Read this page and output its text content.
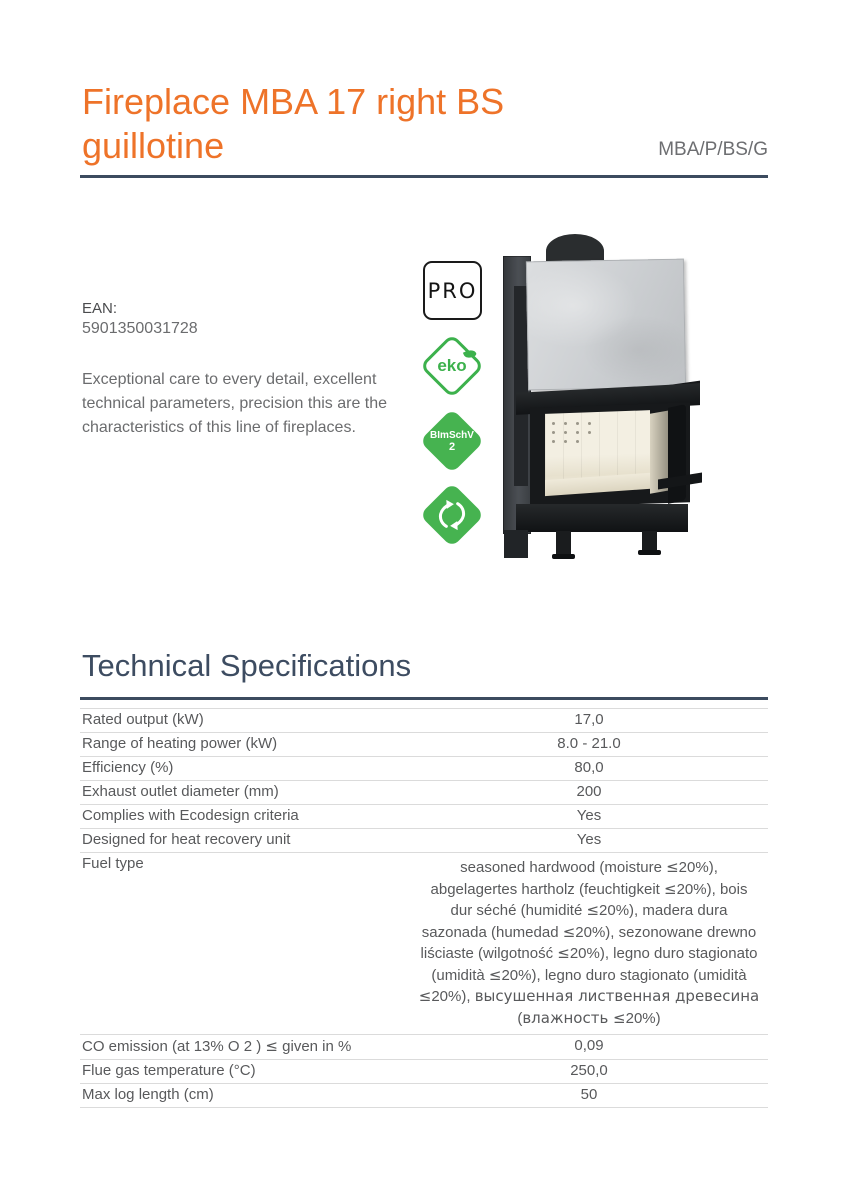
Fireplace MBA 17 right BS
guillotine	MBA/P/BS/G
EAN:
5901350031728
Exceptional care to every detail, excellent
technical parameters, precision this are the
characteristics of this line of fireplaces.
PRO
eko
BImSchV
2
Technical Specifications
Rated output (kW)	17,0
Range of heating power (kW)	8.0 - 21.0
Efficiency (%)	80,0
Exhaust outlet diameter (mm)	200
Complies with Ecodesign criteria	Yes
Designed for heat recovery unit	Yes
Fuel type	seasoned hardwood (moisture ≤20%),
abgelagertes hartholz (feuchtigkeit ≤20%), bois
dur séché (humidité ≤20%), madera dura
sazonada (humedad ≤20%), sezonowane drewno
liściaste (wilgotność ≤20%), legno duro stagionato
(umidità ≤20%), legno duro stagionato (umidità
≤20%), высушенная лиственная древесина
(влажность ≤20%)
CO emission (at 13% O 2 ) ≤ given in %	0,09
Flue gas temperature (°C)	250,0
Max log length (cm)	50
